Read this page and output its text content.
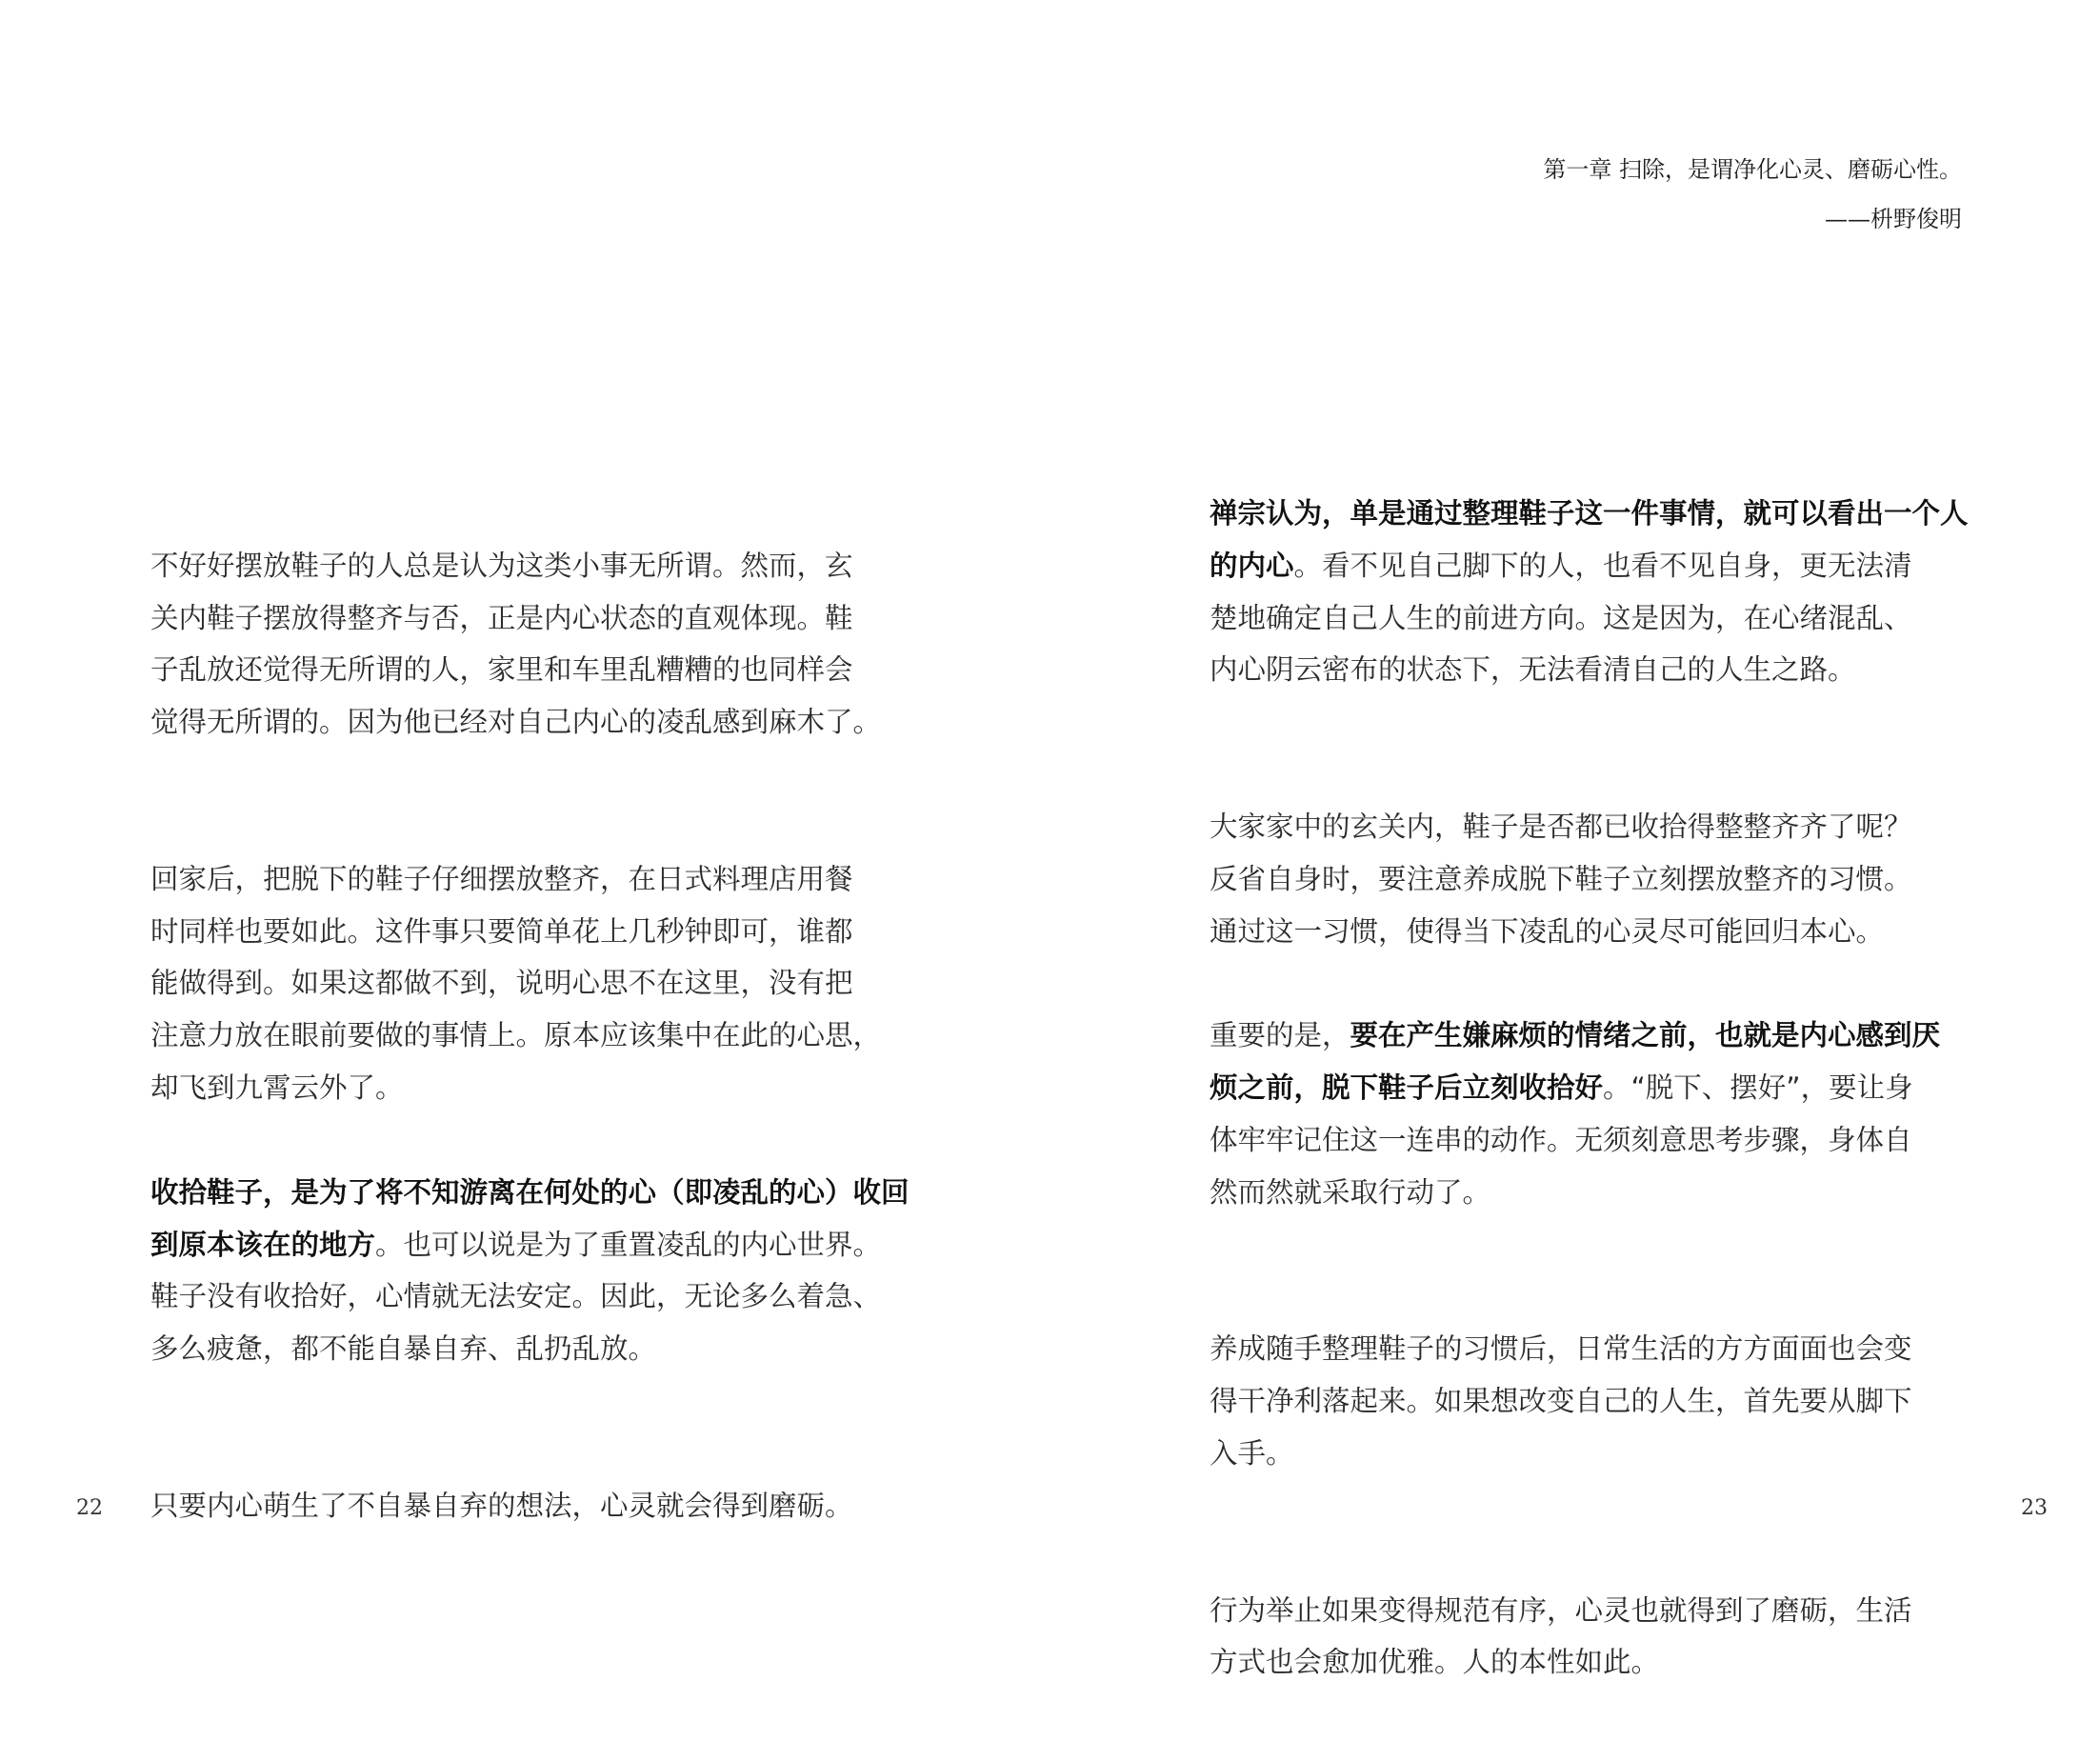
不好好摆放鞋子的人总是认为这类小事无所谓。然而，玄
关内鞋子摆放得整齐与否，正是内心状态的直观体现。鞋
子乱放还觉得无所谓的人，家里和车里乱糟糟的也同样会
觉得无所谓的。因为他已经对自己内心的凌乱感到麻木了。

回家后，把脱下的鞋子仔细摆放整齐，在日式料理店用餐
时同样也要如此。这件事只要简单花上几秒钟即可，谁都
能做得到。如果这都做不到，说明心思不在这里，没有把
注意力放在眼前要做的事情上。原本应该集中在此的心思，
却飞到九霄云外了。

收拾鞋子，是为了将不知游离在何处的心（即凌乱的心）收回
到原本该在的地方。也可以说是为了重置凌乱的内心世界。
鞋子没有收拾好，心情就无法安定。因此，无论多么着急、
多么疲惫，都不能自暴自弃、乱扔乱放。

只要内心萌生了不自暴自弃的想法，心灵就会得到磨砺。

22
第一章 扫除，是谓净化心灵、磨砺心性。
——枡野俊明

禅宗认为，单是通过整理鞋子这一件事情，就可以看出一个人
的内心。看不见自己脚下的人，也看不见自身，更无法清
楚地确定自己人生的前进方向。这是因为，在心绪混乱、
内心阴云密布的状态下，无法看清自己的人生之路。

大家家中的玄关内，鞋子是否都已收拾得整整齐齐了呢？
反省自身时，要注意养成脱下鞋子立刻摆放整齐的习惯。
通过这一习惯，使得当下凌乱的心灵尽可能回归本心。

重要的是，要在产生嫌麻烦的情绪之前，也就是内心感到厌
烦之前，脱下鞋子后立刻收拾好。“脱下、摆好”，要让身
体牢牢记住这一连串的动作。无须刻意思考步骤，身体自
然而然就采取行动了。

养成随手整理鞋子的习惯后，日常生活的方方面面也会变
得干净利落起来。如果想改变自己的人生，首先要从脚下
入手。

行为举止如果变得规范有序，心灵也就得到了磨砺，生活
方式也会愈加优雅。人的本性如此。

23
